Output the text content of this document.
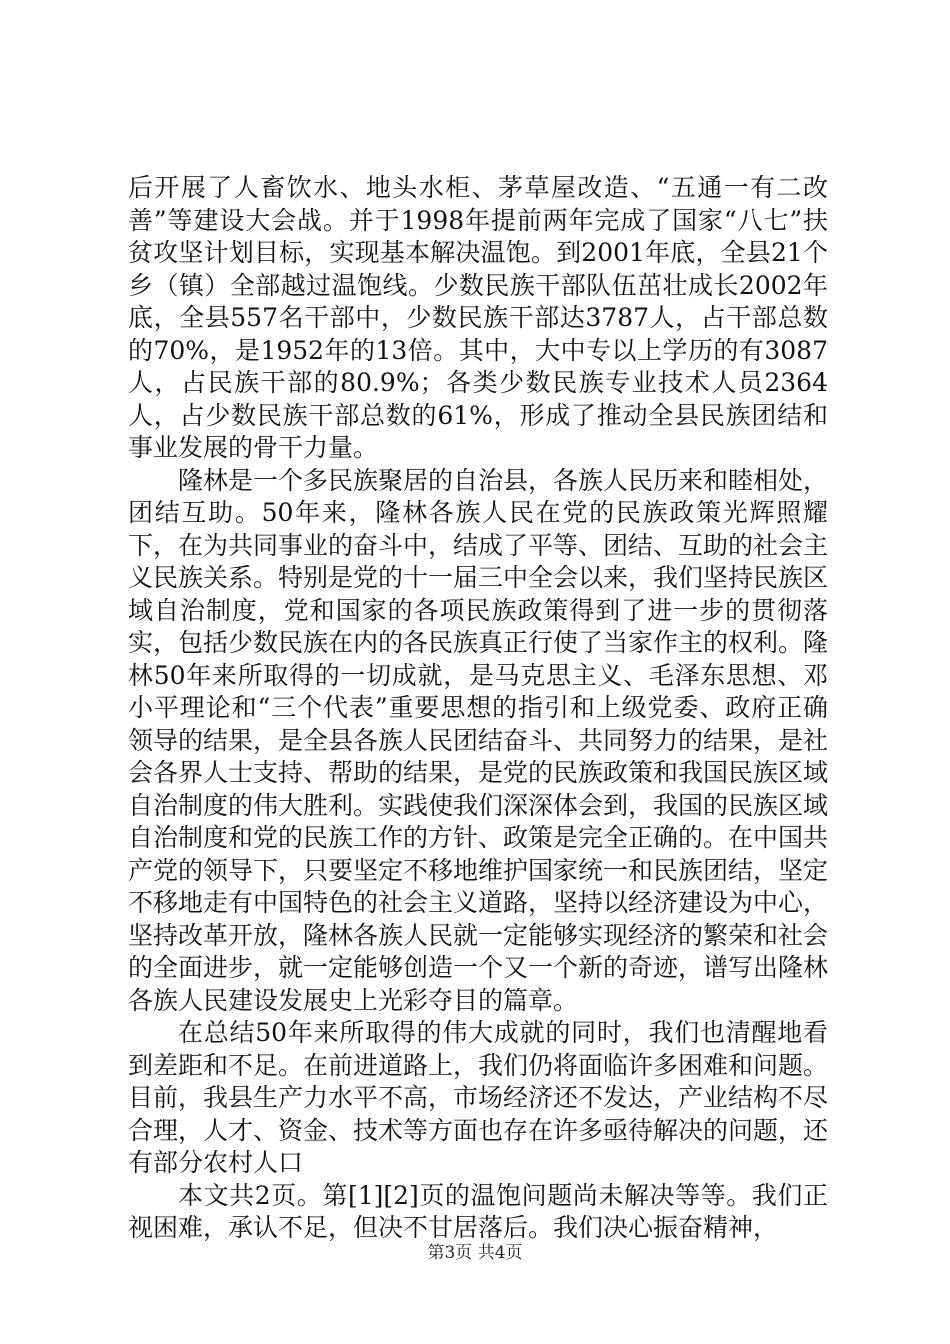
后开展了人畜饮水、地头水柜、茅草屋改造、“五通一有二改善”等建设大会战。并于1998年提前两年完成了国家“八七”扶贫攻坚计划目标，实现基本解决温饱。到2001年底，全县21个乡（镇）全部越过温饱线。少数民族干部队伍茁壮成长2002年底，全县557名干部中，少数民族干部达3787人，占干部总数的70%，是1952年的13倍。其中，大中专以上学历的有3087人，占民族干部的80.9%；各类少数民族专业技术人员2364人，占少数民族干部总数的61%，形成了推动全县民族团结和事业发展的骨干力量。

隆林是一个多民族聚居的自治县，各族人民历来和睦相处，团结互助。50年来，隆林各族人民在党的民族政策光辉照耀下，在为共同事业的奋斗中，结成了平等、团结、互助的社会主义民族关系。特别是党的十一届三中全会以来，我们坚持民族区域自治制度，党和国家的各项民族政策得到了进一步的贯彻落实，包括少数民族在内的各民族真正行使了当家作主的权利。隆林50年来所取得的一切成就，是马克思主义、毛泽东思想、邓小平理论和“三个代表”重要思想的指引和上级党委、政府正确领导的结果，是全县各族人民团结奋斗、共同努力的结果，是社会各界人士支持、帮助的结果，是党的民族政策和我国民族区域自治制度的伟大胜利。实践使我们深深体会到，我国的民族区域自治制度和党的民族工作的方针、政策是完全正确的。在中国共产党的领导下，只要坚定不移地维护国家统一和民族团结，坚定不移地走有中国特色的社会主义道路，坚持以经济建设为中心，坚持改革开放，隆林各族人民就一定能够实现经济的繁荣和社会的全面进步，就一定能够创造一个又一个新的奇迹，谱写出隆林各族人民建设发展史上光彩夺目的篇章。

在总结50年来所取得的伟大成就的同时，我们也清醒地看到差距和不足。在前进道路上，我们仍将面临许多困难和问题。目前，我县生产力水平不高，市场经济还不发达，产业结构不尽合理，人才、资金、技术等方面也存在许多亟待解决的问题，还有部分农村人口

本文共2页。第[1][2]页的温饱问题尚未解决等等。我们正视困难，承认不足，但决不甘居落后。我们决心振奋精神，

第3页 共4页
